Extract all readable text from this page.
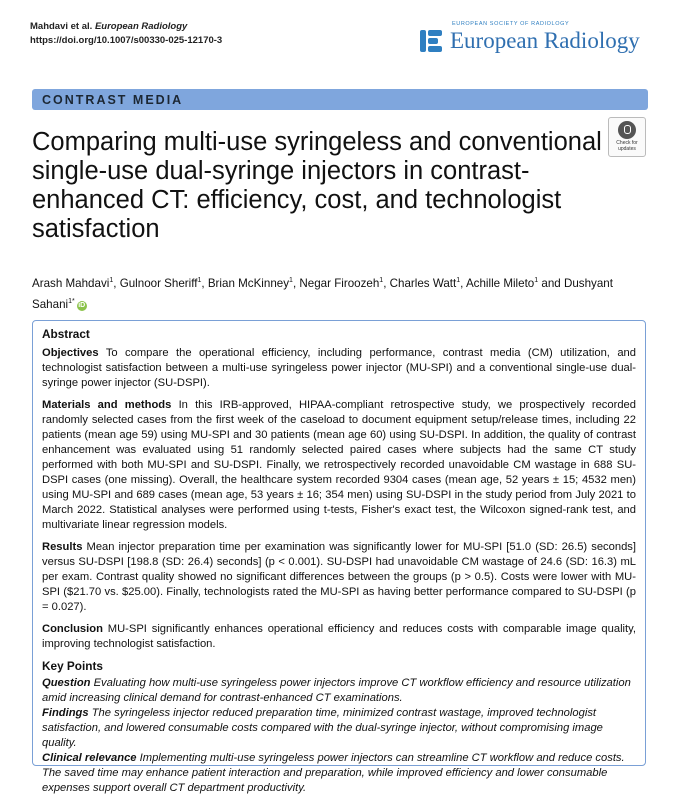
Mahdavi et al. European Radiology
https://doi.org/10.1007/s00330-025-12170-3
EUROPEAN SOCIETY OF RADIOLOGY
European Radiology
CONTRAST MEDIA
Comparing multi-use syringeless and conventional single-use dual-syringe injectors in contrast-enhanced CT: efficiency, cost, and technologist satisfaction
Check for updates
Arash Mahdavi$^1$, Gulnoor Sheriff$^1$, Brian McKinney$^1$, Negar Firoozeh$^1$, Charles Watt$^1$, Achille Mileto$^1$ and Dushyant Sahani$^{1*}$iD
Abstract

Objectives To compare the operational efficiency, including performance, contrast media (CM) utilization, and technologist satisfaction between a multi-use syringeless power injector (MU-SPI) and a conventional single-use dual-syringe power injector (SU-DSPI).

Materials and methods In this IRB-approved, HIPAA-compliant retrospective study, we prospectively recorded randomly selected cases from the first week of the caseload to document equipment setup/release times, including 22 patients (mean age 59) using MU-SPI and 30 patients (mean age 60) using SU-DSPI. In addition, the quality of contrast enhancement was evaluated using 51 randomly selected paired cases where subjects had the same CT study performed with both MU-SPI and SU-DSPI. Finally, we retrospectively recorded unavoidable CM wastage in 688 SU-DSPI cases (one missing). Overall, the healthcare system recorded 9304 cases (mean age, 52 years ± 15; 4532 men) using MU-SPI and 689 cases (mean age, 53 years ± 16; 354 men) using SU-DSPI in the study period from July 2021 to March 2022. Statistical analyses were performed using t-tests, Fisher's exact test, the Wilcoxon signed-rank test, and multivariate linear regression models.

Results Mean injector preparation time per examination was significantly lower for MU-SPI [51.0 (SD: 26.5) seconds] versus SU-DSPI [198.8 (SD: 26.4) seconds] (p < 0.001). SU-DSPI had unavoidable CM wastage of 24.6 (SD: 16.3) mL per exam. Contrast quality showed no significant differences between the groups (p > 0.5). Costs were lower with MU-SPI ($21.70 vs. $25.00). Finally, technologists rated the MU-SPI as having better performance compared to SU-DSPI (p = 0.027).

Conclusion MU-SPI significantly enhances operational efficiency and reduces costs with comparable image quality, improving technologist satisfaction.

Key Points

Question Evaluating how multi-use syringeless power injectors improve CT workflow efficiency and resource utilization amid increasing clinical demand for contrast-enhanced CT examinations.

Findings The syringeless injector reduced preparation time, minimized contrast wastage, improved technologist satisfaction, and lowered consumable costs compared with the dual-syringe injector, without compromising image quality.

Clinical relevance Implementing multi-use syringeless power injectors can streamline CT workflow and reduce costs. The saved time may enhance patient interaction and preparation, while improved efficiency and lower consumable expenses support overall CT department productivity.
